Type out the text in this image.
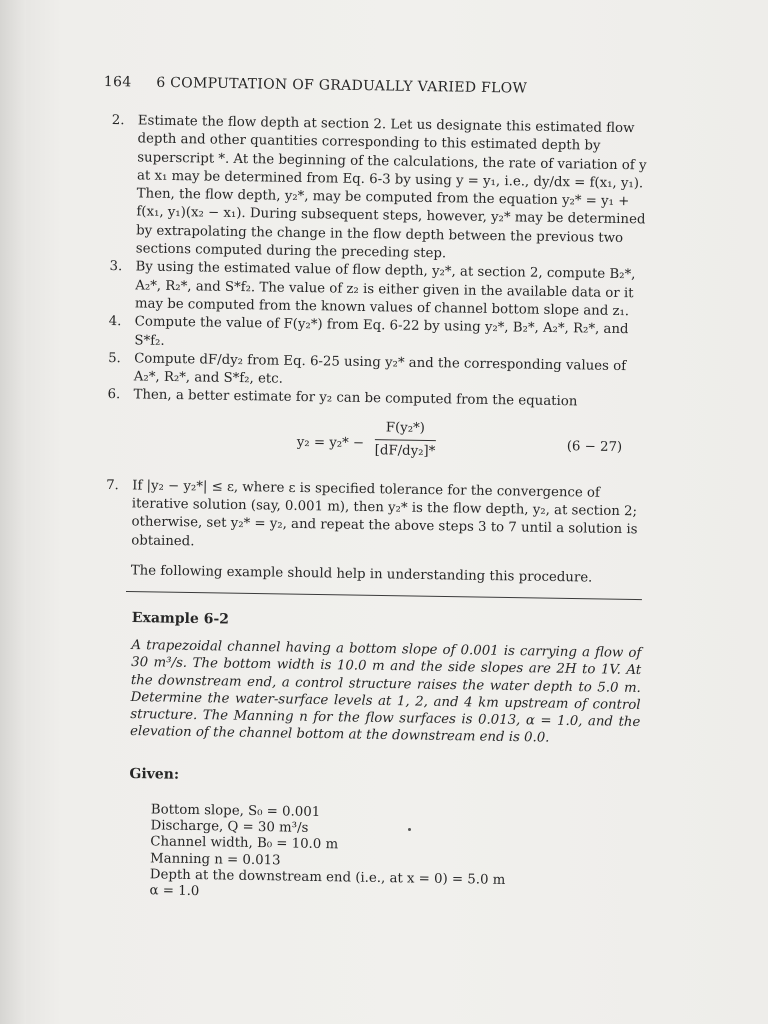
164 6 COMPUTATION OF GRADUALLY VARIED FLOW

2. Estimate the flow depth at section 2. Let us designate this estimated flow depth and other quantities corresponding to this estimated depth by superscript *. At the beginning of the calculations, the rate of variation of y at x₁ may be determined from Eq. 6-3 by using y = y₁, i.e., dy/dx = f(x₁, y₁). Then, the flow depth, y₂*, may be computed from the equation y₂* = y₁ + f(x₁, y₁)(x₂ − x₁). During subsequent steps, however, y₂* may be determined by extrapolating the change in the flow depth between the previous two sections computed during the preceding step.

3. By using the estimated value of flow depth, y₂*, at section 2, compute B₂*, A₂*, R₂*, and S*f₂. The value of z₂ is either given in the available data or it may be computed from the known values of channel bottom slope and z₁.

4. Compute the value of F(y₂*) from Eq. 6-22 by using y₂*, B₂*, A₂*, R₂*, and S*f₂.

5. Compute dF/dy₂ from Eq. 6-25 using y₂* and the corresponding values of A₂*, R₂*, and S*f₂, etc.

6. Then, a better estimate for y₂ can be computed from the equation

$y_2 = y_2* - \frac{\text{F(y₂*)}}{\text{[dF/dy₂]*}}$	(6 − 27)

7. If |y₂ − y₂*| ≤ ε, where ε is specified tolerance for the convergence of iterative solution (say, 0.001 m), then y₂* is the flow depth, y₂, at section 2; otherwise, set y₂* = y₂, and repeat the above steps 3 to 7 until a solution is obtained.

The following example should help in understanding this procedure.

Example 6-2
A trapezoidal channel having a bottom slope of 0.001 is carrying a flow of 30 m³/s. The bottom width is 10.0 m and the side slopes are 2H to 1V. At the downstream end, a control structure raises the water depth to 5.0 m. Determine the water-surface levels at 1, 2, and 4 km upstream of control structure. The Manning n for the flow surfaces is 0.013, α = 1.0, and the elevation of the channel bottom at the downstream end is 0.0.
Given:
Bottom slope, S₀ = 0.001
Discharge, Q = 30 m³/s
Channel width, B₀ = 10.0 m
Manning n = 0.013
Depth at the downstream end (i.e., at x = 0) = 5.0 m
α = 1.0
